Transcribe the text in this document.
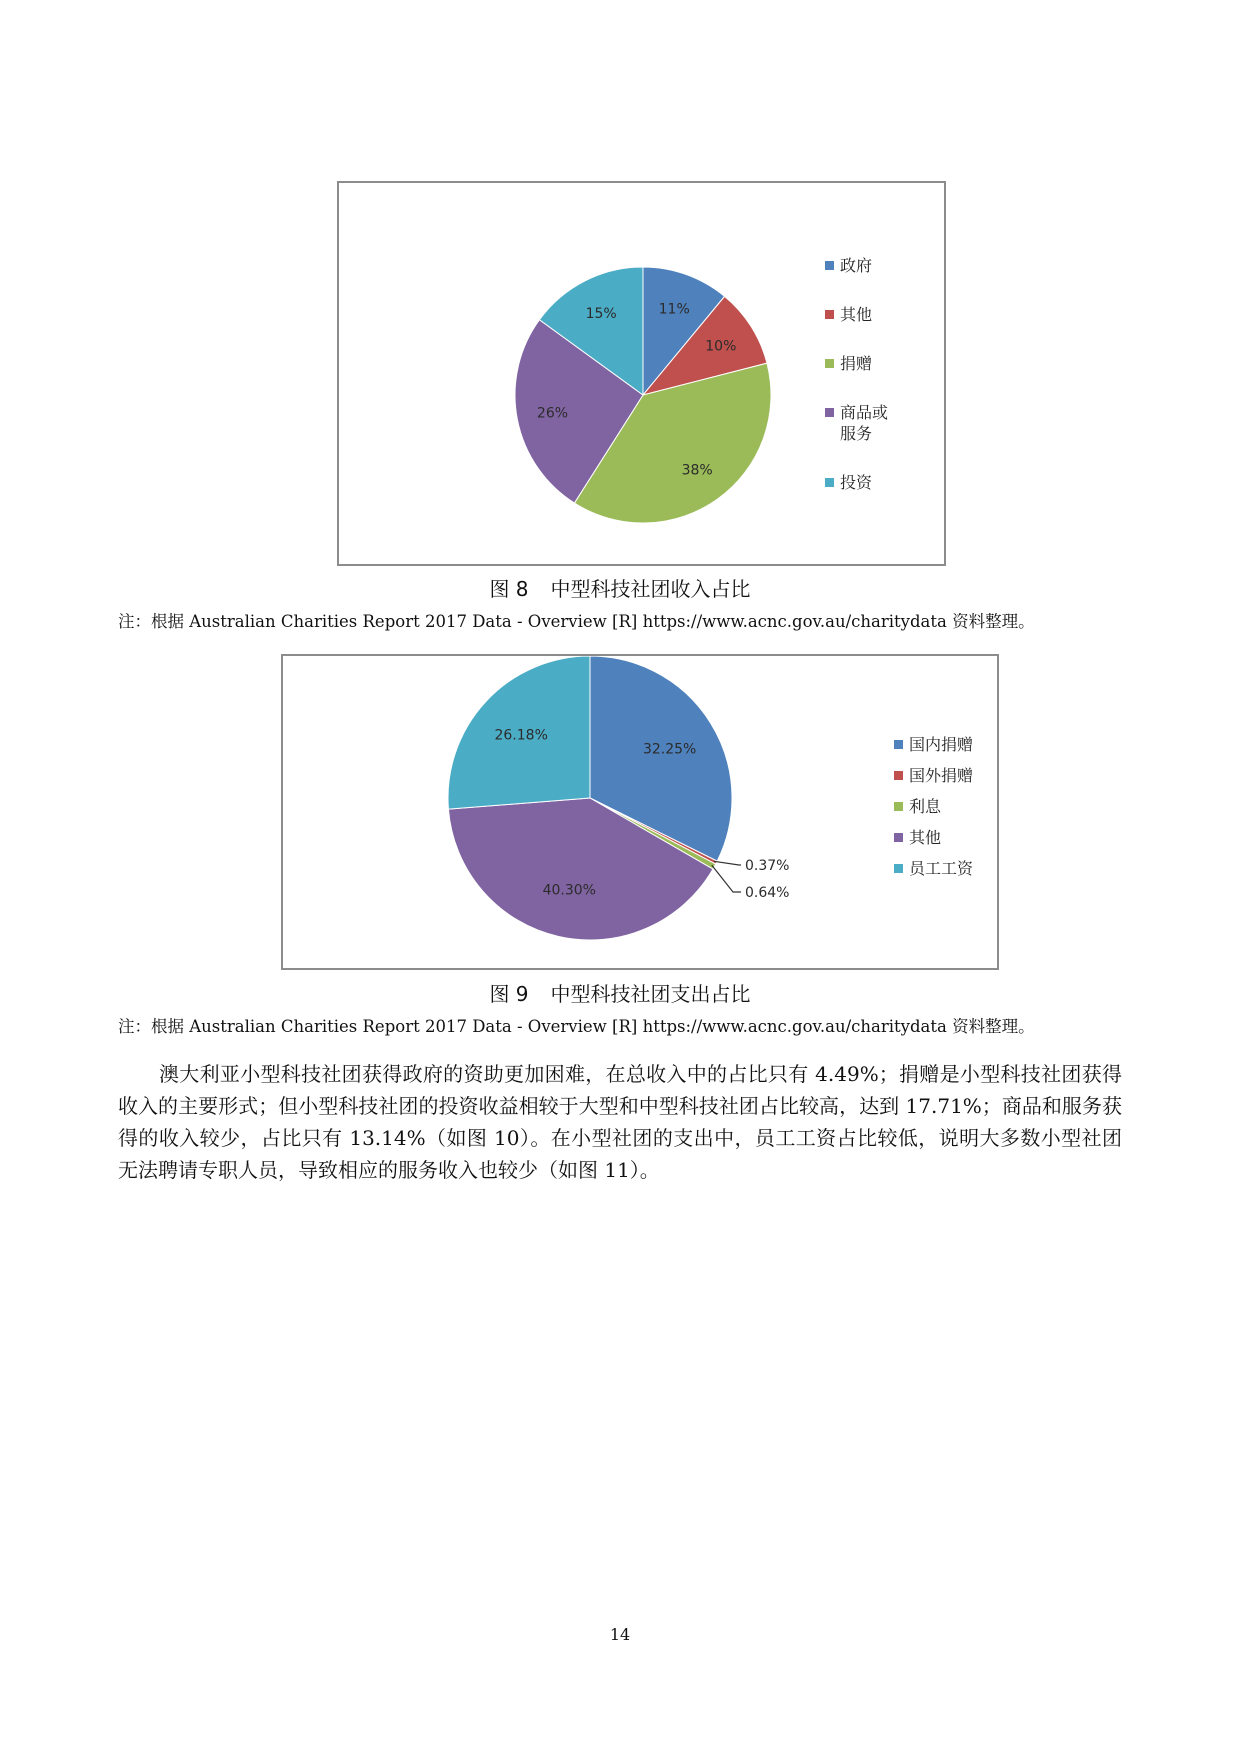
11%
10%
38%
26%
15%
政府
其他
捐赠
商品或
服务
投资
图 8 中型科技社团收入占比
注：根据 Australian Charities Report 2017 Data - Overview [R] https://www.acnc.gov.au/charitydata 资料整理。
32.25%
0.37%
0.64%
40.30%
26.18%	国内捐赠
国外捐赠
利息
其他
员工工资
图 9 中型科技社团支出占比
注：根据 Australian Charities Report 2017 Data - Overview [R] https://www.acnc.gov.au/charitydata 资料整理。
澳大利亚小型科技社团获得政府的资助更加困难，在总收入中的占比只有 4.49%；捐赠是小型科技社团获得收入的主要形式；但小型科技社团的投资收益相较于大型和中型科技社团占比较高，达到 17.71%；商品和服务获得的收入较少，占比只有 13.14%（如图 10）。在小型社团的支出中，员工工资占比较低，说明大多数小型社团无法聘请专职人员，导致相应的服务收入也较少（如图 11）。
14
